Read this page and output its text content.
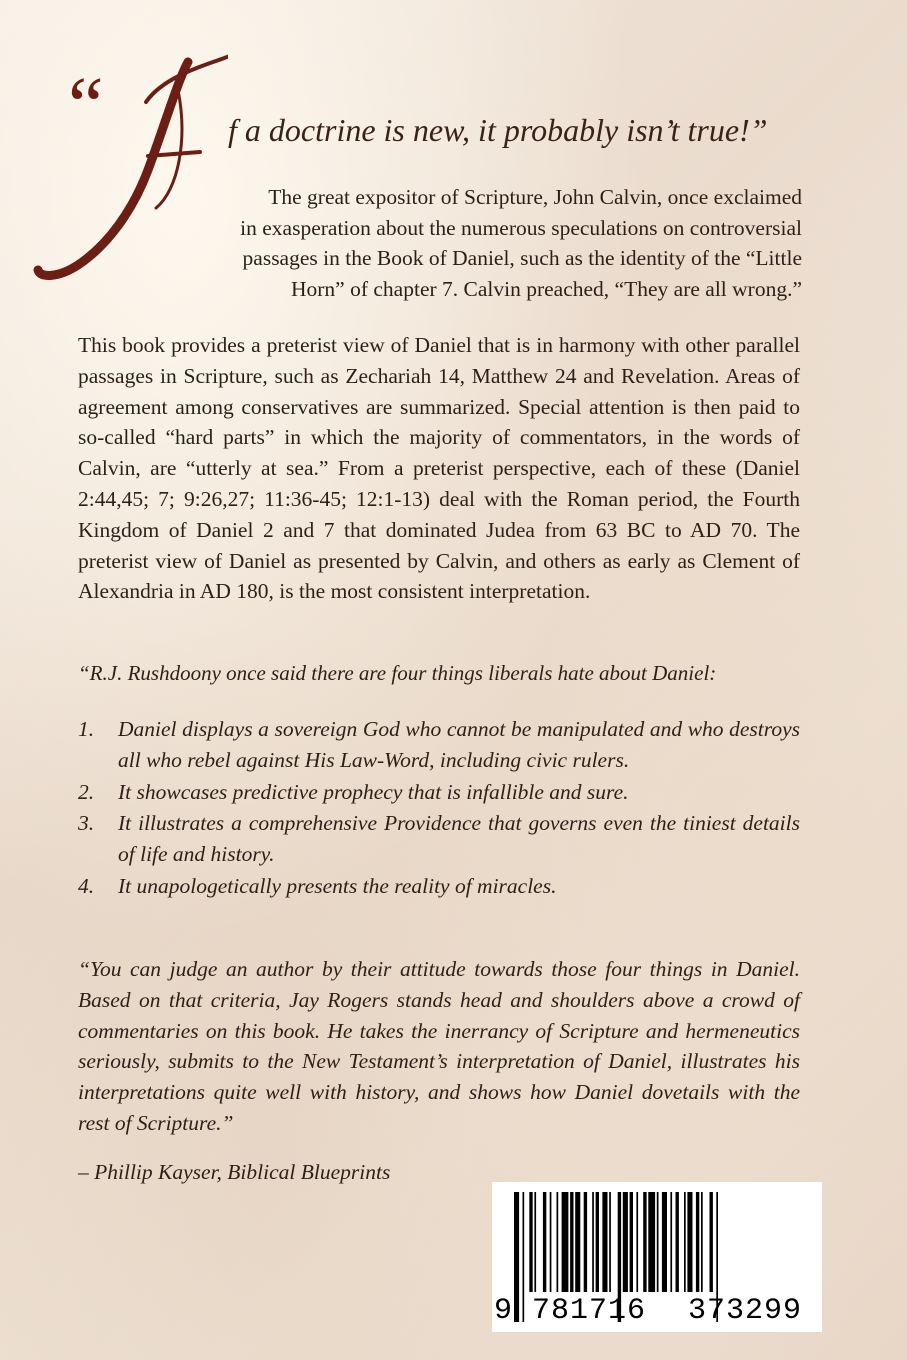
“	f a doctrine is new, it probably isn’t true!”
The great expositor of Scripture, John Calvin, once exclaimed
in exasperation about the numerous speculations on controversial
passages in the Book of Daniel, such as the identity of the “Little
Horn” of chapter 7. Calvin preached, “They are all wrong.”
This book provides a preterist view of Daniel that is in harmony with other parallel passages in Scripture, such as Zechariah 14, Matthew 24 and Revelation. Areas of agreement among conservatives are summarized. Special attention is then paid to so-called “hard parts” in which the majority of commentators, in the words of Calvin, are “utterly at sea.” From a preterist perspective, each of these (Daniel 2:44,45; 7; 9:26,27; 11:36-45; 12:1-13) deal with the Roman period, the Fourth Kingdom of Daniel 2 and 7 that dominated Judea from 63 BC to AD 70. The preterist view of Daniel as presented by Calvin, and others as early as Clement of Alexandria in AD 180, is the most consistent interpretation.
“R.J. Rushdoony once said there are four things liberals hate about Daniel:
1. Daniel displays a sovereign God who cannot be manipulated and who destroys all who rebel against His Law-Word, including civic rulers.
2. It showcases predictive prophecy that is infallible and sure.
3. It illustrates a comprehensive Providence that governs even the tiniest details of life and history.
4. It unapologetically presents the reality of miracles.
“You can judge an author by their attitude towards those four things in Daniel. Based on that criteria, Jay Rogers stands head and shoulders above a crowd of commentaries on this book. He takes the inerrancy of Scripture and hermeneutics seriously, submits to the New Testament’s interpretation of Daniel, illustrates his interpretations quite well with history, and shows how Daniel dovetails with the rest of Scripture.”
– Phillip Kayser, Biblical Blueprints
9 781716 373299
